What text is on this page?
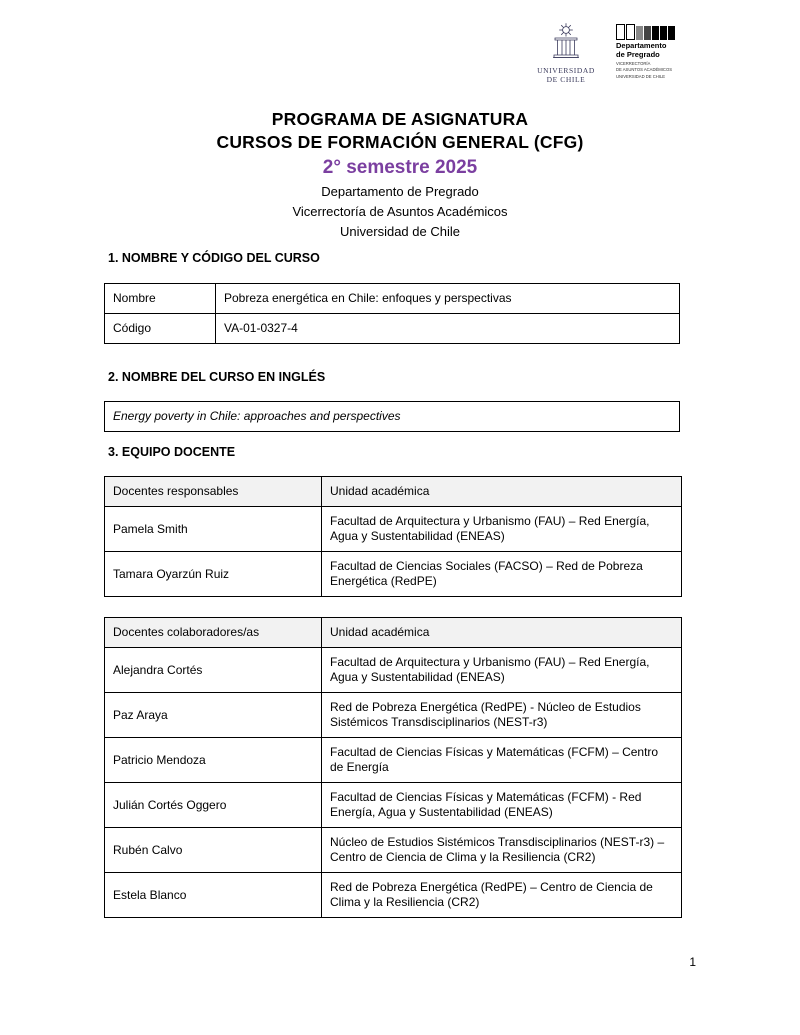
UNIVERSIDAD
DE CHILE
Departamento
de Pregrado
VICERRECTORÍA
DE ASUNTOS ACADÉMICOS
UNIVERSIDAD DE CHILE
PROGRAMA DE ASIGNATURA
CURSOS DE FORMACIÓN GENERAL (CFG)
2° semestre 2025
Departamento de Pregrado
Vicerrectoría de Asuntos Académicos
Universidad de Chile
1. NOMBRE Y CÓDIGO DEL CURSO
Nombre	Pobreza energética en Chile: enfoques y perspectivas
Código	VA-01-0327-4
2. NOMBRE DEL CURSO EN INGLÉS
Energy poverty in Chile: approaches and perspectives
3. EQUIPO DOCENTE
Docentes responsables	Unidad académica
Pamela Smith	Facultad de Arquitectura y Urbanismo (FAU) – Red Energía, Agua y Sustentabilidad (ENEAS)
Tamara Oyarzún Ruiz	Facultad de Ciencias Sociales (FACSO) – Red de Pobreza Energética (RedPE)
Docentes colaboradores/as	Unidad académica
Alejandra Cortés	Facultad de Arquitectura y Urbanismo (FAU) – Red Energía, Agua y Sustentabilidad (ENEAS)
Paz Araya	Red de Pobreza Energética (RedPE) - Núcleo de Estudios Sistémicos Transdisciplinarios (NEST-r3)
Patricio Mendoza	Facultad de Ciencias Físicas y Matemáticas (FCFM) – Centro de Energía
Julián Cortés Oggero	Facultad de Ciencias Físicas y Matemáticas (FCFM) - Red Energía, Agua y Sustentabilidad (ENEAS)
Rubén Calvo	Núcleo de Estudios Sistémicos Transdisciplinarios (NEST-r3) – Centro de Ciencia de Clima y la Resiliencia (CR2)
Estela Blanco	Red de Pobreza Energética (RedPE) – Centro de Ciencia de Clima y la Resiliencia (CR2)
1
